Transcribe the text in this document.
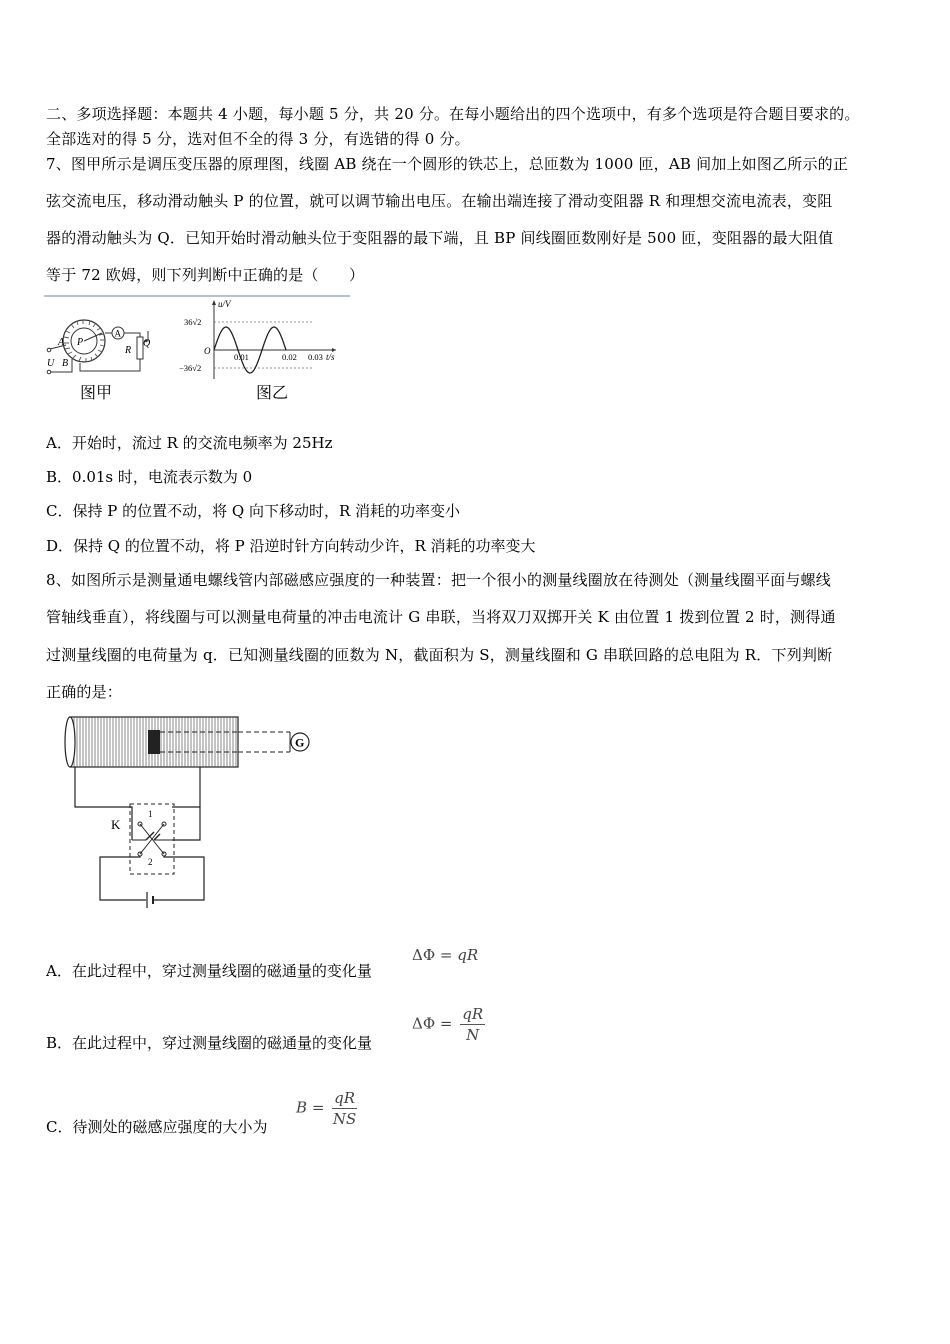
二、多项选择题：本题共 4 小题，每小题 5 分，共 20 分。在每小题给出的四个选项中，有多个选项是符合题目要求的。
全部选对的得 5 分，选对但不全的得 3 分，有选错的得 0 分。
7、图甲所示是调压变压器的原理图，线圈 AB 绕在一个圆形的铁芯上，总匝数为 1000 匝，AB 间加上如图乙所示的正
弦交流电压，移动滑动触头 P 的位置，就可以调节输出电压。在输出端连接了滑动变阻器 R 和理想交流电流表，变阻
器的滑动触头为 Q．已知开始时滑动触头位于变阻器的最下端，且 BP 间线圈匝数刚好是 500 匝，变阻器的最大阻值
等于 72 欧姆，则下列判断中正确的是（　　）
P
A
R
Q
A
B
U
图甲
u/V
t/s
O
36√2
−36√2
0.01	0.02 0.03
图乙
A．开始时，流过 R 的交流电频率为 25Hz
B．0.01s 时，电流表示数为 0
C．保持 P 的位置不动，将 Q 向下移动时，R 消耗的功率变小
D．保持 Q 的位置不动，将 P 沿逆时针方向转动少许，R 消耗的功率变大
8、如图所示是测量通电螺线管内部磁感应强度的一种装置：把一个很小的测量线圈放在待测处（测量线圈平面与螺线
管轴线垂直），将线圈与可以测量电荷量的冲击电流计 G 串联，当将双刀双掷开关 K 由位置 1 拨到位置 2 时，测得通
过测量线圈的电荷量为 q．已知测量线圈的匝数为 N，截面积为 S，测量线圈和 G 串联回路的总电阻为 R．下列判断
正确的是：
G
K
1
2
A．在此过程中，穿过测量线圈的磁通量的变化量
ΔΦ = qR
B．在此过程中，穿过测量线圈的磁通量的变化量
$\Delta\Phi = \frac{qR}{N}$
C．待测处的磁感应强度的大小为
$B = \frac{qR}{NS}$
